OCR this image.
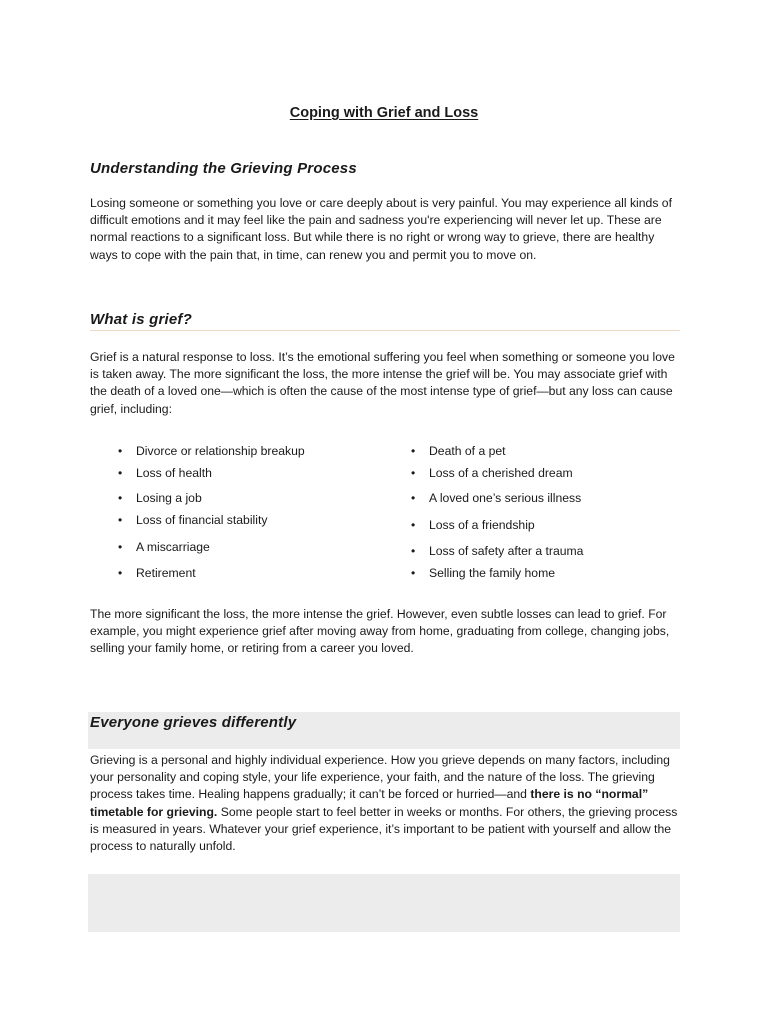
Coping with Grief and Loss
Understanding the Grieving Process

Losing someone or something you love or care deeply about is very painful. You may experience all kinds of difficult emotions and it may feel like the pain and sadness you're experiencing will never let up. These are normal reactions to a significant loss. But while there is no right or wrong way to grieve, there are healthy ways to cope with the pain that, in time, can renew you and permit you to move on.

What is grief?

Grief is a natural response to loss. It’s the emotional suffering you feel when something or someone you love is taken away. The more significant the loss, the more intense the grief will be. You may associate grief with the death of a loved one—which is often the cause of the most intense type of grief—but any loss can cause grief, including:

• Divorce or relationship breakup
• Loss of health
• Losing a job
• Loss of financial stability
• A miscarriage
• Retirement
• Death of a pet
• Loss of a cherished dream
• A loved one’s serious illness
• Loss of a friendship
• Loss of safety after a trauma
• Selling the family home

The more significant the loss, the more intense the grief. However, even subtle losses can lead to grief. For example, you might experience grief after moving away from home, graduating from college, changing jobs, selling your family home, or retiring from a career you loved.

Everyone grieves differently

Grieving is a personal and highly individual experience. How you grieve depends on many factors, including your personality and coping style, your life experience, your faith, and the nature of the loss. The grieving process takes time. Healing happens gradually; it can’t be forced or hurried—and there is no “normal” timetable for grieving. Some people start to feel better in weeks or months. For others, the grieving process is measured in years. Whatever your grief experience, it’s important to be patient with yourself and allow the process to naturally unfold.
